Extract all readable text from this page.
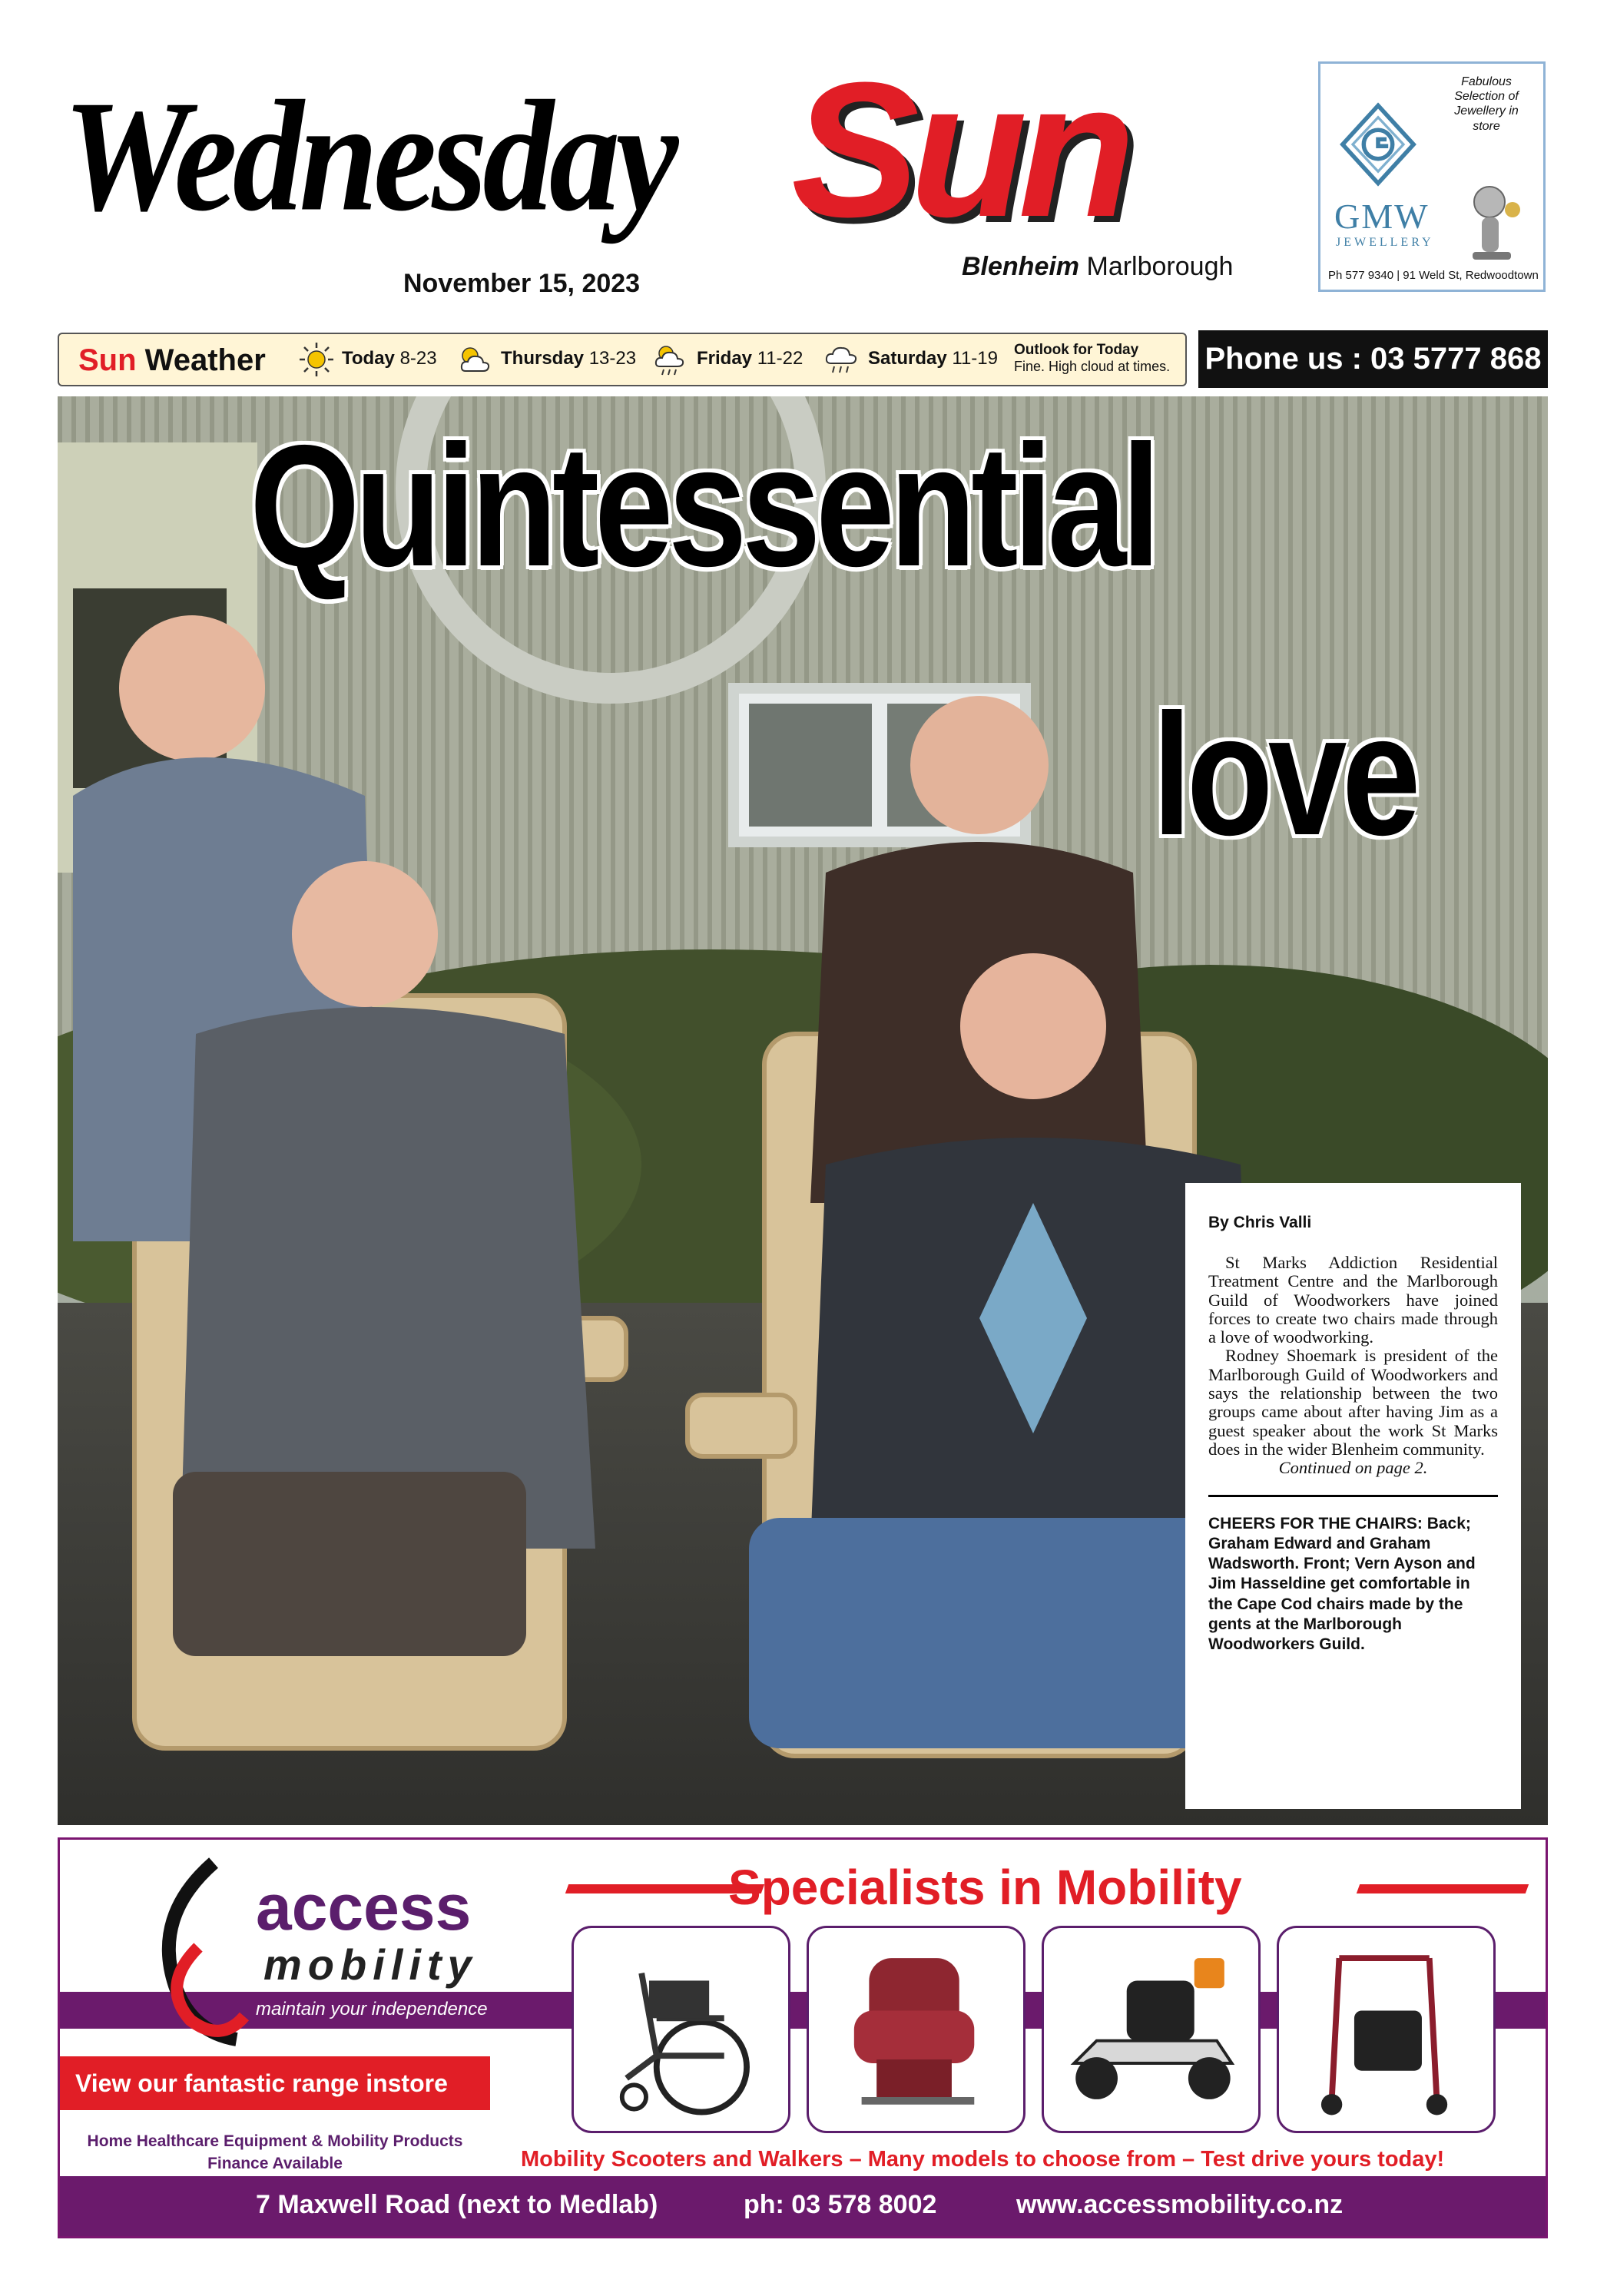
Wednesday Sun
November 15, 2023
Blenheim Marlborough
Fabulous Selection of Jewellery in store
GMW
JEWELLERY
Ph 577 9340 | 91 Weld St, Redwoodtown
Sun Weather	Today 8-23	Thursday 13-23	Friday 11-22	Saturday 11-19 Outlook for Today
Fine. High cloud at times. Phone us : 03 5777 868
Quintessential
love
By Chris Valli

St Marks Addiction Residential Treatment Centre and the Marlborough Guild of Woodworkers have joined forces to create two chairs made through a love of woodworking.

Rodney Shoemark is president of the Marlborough Guild of Woodworkers and says the relationship between the two groups came about after having Jim as a guest speaker about the work St Marks does in the wider Blenheim community.

Continued on page 2.

CHEERS FOR THE CHAIRS: Back; Graham Edward and Graham Wadsworth. Front; Vern Ayson and Jim Hasseldine get comfortable in the Cape Cod chairs made by the gents at the Marlborough Woodworkers Guild.
access
mobility
maintain your independence
Specialists in Mobility
View our fantastic range instore
Home Healthcare Equipment & Mobility Products
Finance Available	Mobility Scooters and Walkers – Many models to choose from – Test drive yours today!
7 Maxwell Road (next to Medlab)	ph: 03 578 8002	www.accessmobility.co.nz
